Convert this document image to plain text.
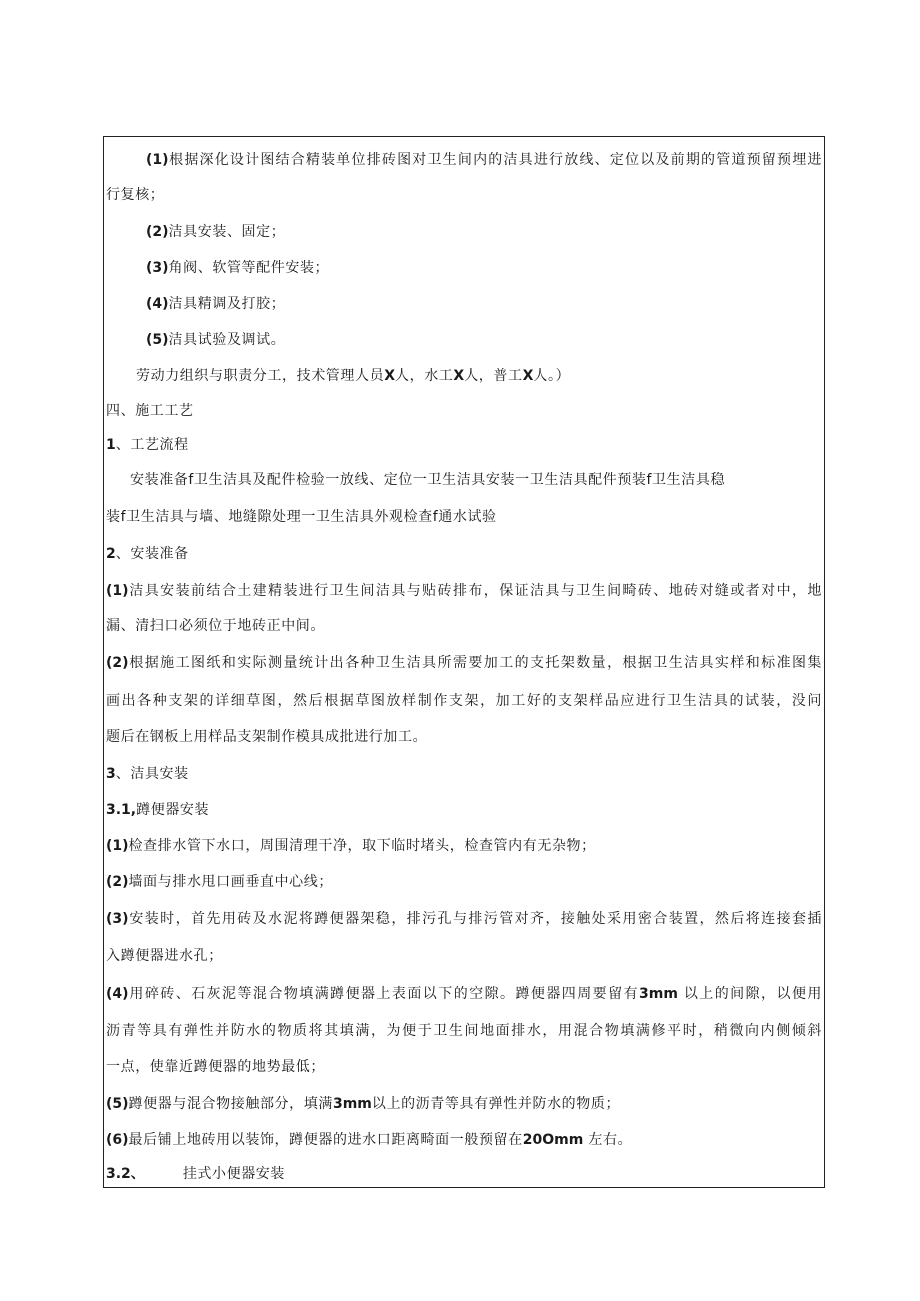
(1)根据深化设计图结合精装单位排砖图对卫生间内的洁具进行放线、定位以及前期的管道预留预埋进
行复核；
(2)洁具安装、固定；
(3)角阀、软管等配件安装；
(4)洁具精调及打胶；
(5)洁具试验及调试。
劳动力组织与职责分工，技术管理人员X人，水工X人，普工X人。）
四、施工工艺
1、工艺流程
安装准备f卫生洁具及配件检验一放线、定位一卫生洁具安装一卫生洁具配件预装f卫生洁具稳
装f卫生洁具与墙、地缝隙处理一卫生洁具外观检查f通水试验
2、安装准备
(1)洁具安装前结合土建精装进行卫生间洁具与贴砖排布，保证洁具与卫生间畸砖、地砖对缝或者对中，地
漏、清扫口必须位于地砖正中间。
(2)根据施工图纸和实际测量统计出各种卫生洁具所需要加工的支托架数量，根据卫生洁具实样和标准图集
画出各种支架的详细草图，然后根据草图放样制作支架，加工好的支架样品应进行卫生洁具的试装，没问
题后在钢板上用样品支架制作模具成批进行加工。
3、洁具安装
3.1,蹲便器安装
(1)检查排水管下水口，周围清理干净，取下临时堵头，检查管内有无杂物；
(2)墙面与排水甩口画垂直中心线；
(3)安装时，首先用砖及水泥将蹲便器架稳，排污孔与排污管对齐，接触处采用密合装置，然后将连接套插
入蹲便器进水孔；
(4)用碎砖、石灰泥等混合物填满蹲便器上表面以下的空隙。蹲便器四周要留有3mm 以上的间隙，以便用
沥青等具有弹性并防水的物质将其填满，为便于卫生间地面排水，用混合物填满修平时，稍微向内侧倾斜
一点，使靠近蹲便器的地势最低；
(5)蹲便器与混合物接触部分，填满3mm以上的沥青等具有弹性并防水的物质；
(6)最后铺上地砖用以装饰，蹲便器的进水口距离畸面一般预留在20Omm 左右。
3.2、	挂式小便器安装
